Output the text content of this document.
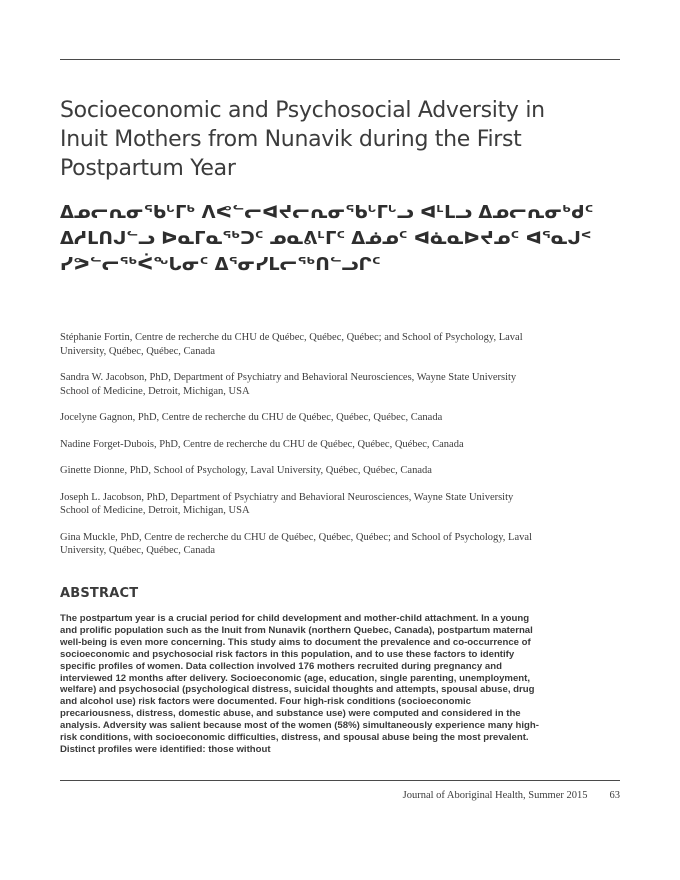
Socioeconomic and Psychosocial Adversity in Inuit Mothers from Nunavik during the First Postpartum Year
ᐃᓄᓕᕆᓂᖃᒡᒥᒃ ᐱᕙᓪᓕᐊᔪᓕᕆᓂᖃᒡᒥᒡᓗ ᐊᒻᒪᓗ ᐃᓄᓕᕆᓂᒃᑯᑦ ᐃᓱᒪᑎᒍᓪᓗ ᐅᓇᒥᓇᖅᑐᑦ ᓄᓇᕕᒻᒥᑦ ᐃᓅᓄᑦ ᐊᓈᓇᐅᔪᓄᑦ ᐊᕐᓇᒍᑉ ᓯᕗᓪᓕᖅᐹᖓᓂᑦ ᐃᕐᓂᓯᒪᓕᖅᑎᓪᓗᒋᑦ
Stéphanie Fortin, Centre de recherche du CHU de Québec, Québec, Québec; and School of Psychology, Laval University, Québec, Québec, Canada
Sandra W. Jacobson, PhD, Department of Psychiatry and Behavioral Neurosciences, Wayne State University School of Medicine, Detroit, Michigan, USA
Jocelyne Gagnon, PhD, Centre de recherche du CHU de Québec, Québec, Québec, Canada
Nadine Forget-Dubois, PhD, Centre de recherche du CHU de Québec, Québec, Québec, Canada
Ginette Dionne, PhD, School of Psychology, Laval University, Québec, Québec, Canada
Joseph L. Jacobson, PhD, Department of Psychiatry and Behavioral Neurosciences, Wayne State University School of Medicine, Detroit, Michigan, USA
Gina Muckle, PhD, Centre de recherche du CHU de Québec, Québec, Québec; and School of Psychology, Laval University, Québec, Québec, Canada
ABSTRACT

The postpartum year is a crucial period for child development and mother-child attachment. In a young and prolific population such as the Inuit from Nunavik (northern Quebec, Canada), postpartum maternal well-being is even more concerning. This study aims to document the prevalence and co-occurrence of socioeconomic and psychosocial risk factors in this population, and to use these factors to identify specific profiles of women. Data collection involved 176 mothers recruited during pregnancy and interviewed 12 months after delivery. Socioeconomic (age, education, single parenting, unemployment, welfare) and psychosocial (psychological distress, suicidal thoughts and attempts, spousal abuse, drug and alcohol use) risk factors were documented. Four high-risk conditions (socioeconomic precariousness, distress, domestic abuse, and substance use) were computed and considered in the analysis. Adversity was salient because most of the women (58%) simultaneously experience many high-risk conditions, with socioeconomic difficulties, distress, and spousal abuse being the most prevalent. Distinct profiles were identified: those without

Journal of Aboriginal Health, Summer 2015 63
